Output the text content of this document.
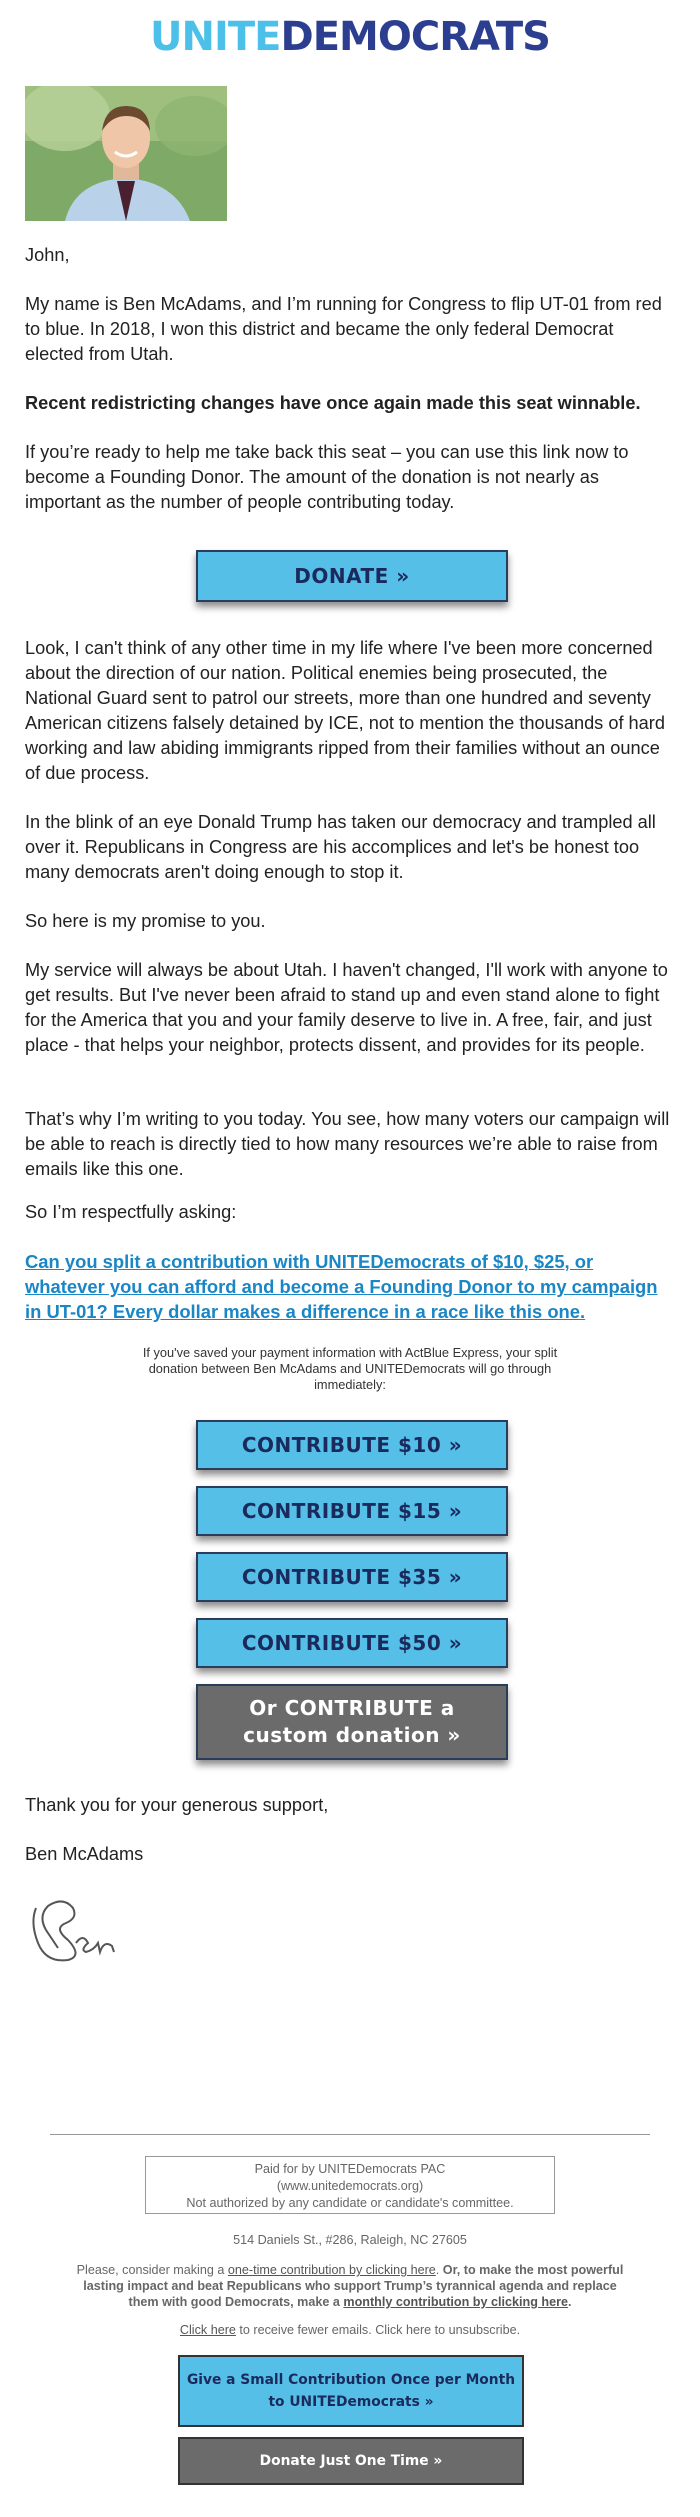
UNITEDEMOCRATS
John,
My name is Ben McAdams, and I’m running for Congress to flip UT-01 from red to blue. In 2018, I won this district and became the only federal Democrat elected from Utah.
Recent redistricting changes have once again made this seat winnable.
If you’re ready to help me take back this seat – you can use this link now to become a Founding Donor. The amount of the donation is not nearly as important as the number of people contributing today.
DONATE »
Look, I can't think of any other time in my life where I've been more concerned about the direction of our nation. Political enemies being prosecuted, the National Guard sent to patrol our streets, more than one hundred and seventy American citizens falsely detained by ICE, not to mention the thousands of hard working and law abiding immigrants ripped from their families without an ounce of due process.
In the blink of an eye Donald Trump has taken our democracy and trampled all over it. Republicans in Congress are his accomplices and let's be honest too many democrats aren't doing enough to stop it.
So here is my promise to you.
My service will always be about Utah. I haven't changed, I'll work with anyone to get results. But I've never been afraid to stand up and even stand alone to fight for the America that you and your family deserve to live in. A free, fair, and just place - that helps your neighbor, protects dissent, and provides for its people.
That’s why I’m writing to you today. You see, how many voters our campaign will be able to reach is directly tied to how many resources we’re able to raise from emails like this one.
So I’m respectfully asking:
Can you split a contribution with UNITEDemocrats of $10, $25, or whatever you can afford and become a Founding Donor to my campaign in UT-01? Every dollar makes a difference in a race like this one.
If you've saved your payment information with ActBlue Express, your split donation between Ben McAdams and UNITEDemocrats will go through immediately:
CONTRIBUTE $10 »
CONTRIBUTE $15 »
CONTRIBUTE $35 »
CONTRIBUTE $50 »
Or CONTRIBUTE a custom donation »
Thank you for your generous support,
Ben McAdams
Paid for by UNITEDemocrats PAC
(www.unitedemocrats.org)
Not authorized by any candidate or candidate's committee.
514 Daniels St., #286, Raleigh, NC 27605
Please, consider making a one-time contribution by clicking here. Or, to make the most powerful lasting impact and beat Republicans who support Trump’s tyrannical agenda and replace them with good Democrats, make a monthly contribution by clicking here.
Click here to receive fewer emails. Click here to unsubscribe.
Give a Small Contribution Once per Month to UNITEDemocrats »
Donate Just One Time »
